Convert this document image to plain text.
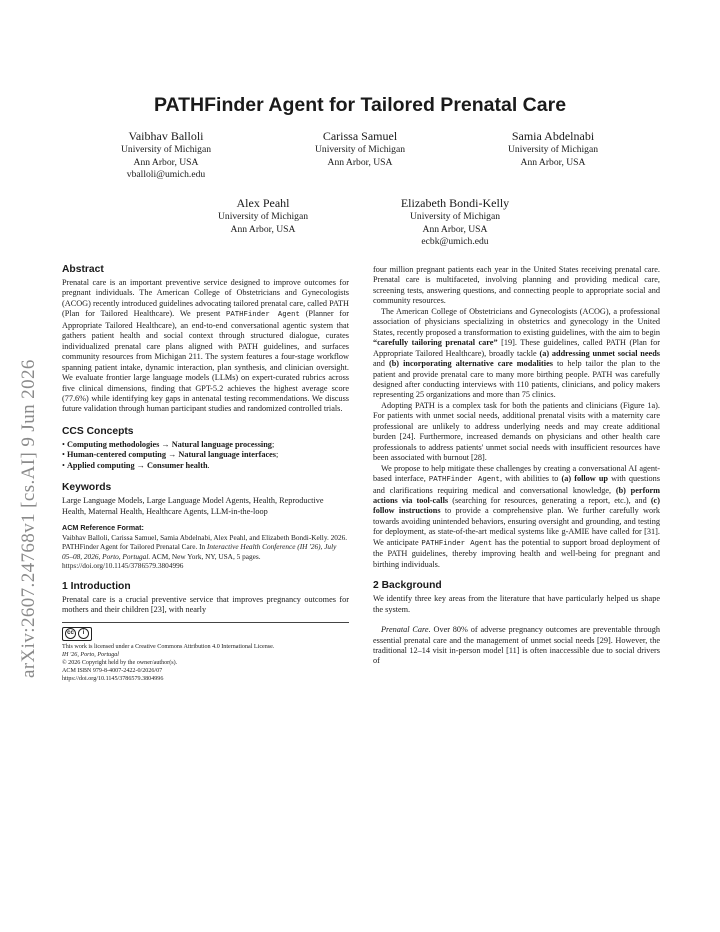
arXiv:2607.24768v1 [cs.AI] 9 Jun 2026
PATHFinder Agent for Tailored Prenatal Care
Vaibhav Balloli
University of Michigan
Ann Arbor, USA
vballoli@umich.edu
Carissa Samuel
University of Michigan
Ann Arbor, USA
Samia Abdelnabi
University of Michigan
Ann Arbor, USA
Alex Peahl
University of Michigan
Ann Arbor, USA
Elizabeth Bondi-Kelly
University of Michigan
Ann Arbor, USA
ecbk@umich.edu
Abstract

Prenatal care is an important preventive service designed to improve outcomes for pregnant individuals. The American College of Obstetricians and Gynecologists (ACOG) recently introduced guidelines advocating tailored prenatal care, called PATH (Plan for Tailored Healthcare). We present PATHFinder Agent (Planner for Appropriate Tailored Healthcare), an end-to-end conversational agentic system that gathers patient health and social context through structured dialogue, curates individualized prenatal care plans aligned with PATH guidelines, and surfaces community resources from Michigan 211. The system features a four-stage workflow spanning patient intake, dynamic interaction, plan synthesis, and clinician oversight. We evaluate frontier large language models (LLMs) on expert-curated rubrics across five clinical dimensions, finding that GPT-5.2 achieves the highest average score (77.6%) while identifying key gaps in antenatal testing recommendations. We discuss future validation through human participant studies and randomized controlled trials.

CCS Concepts
• Computing methodologies → Natural language processing;
• Human-centered computing → Natural language interfaces;
• Applied computing → Consumer health.
Keywords

Large Language Models, Large Language Model Agents, Health, Reproductive Health, Maternal Health, Healthcare Agents, LLM-in-the-loop

ACM Reference Format:
Vaibhav Balloli, Carissa Samuel, Samia Abdelnabi, Alex Peahl, and Elizabeth Bondi-Kelly. 2026. PATHFinder Agent for Tailored Prenatal Care. In Interactive Health Conference (IH '26), July 05–08, 2026, Porto, Portugal. ACM, New York, NY, USA, 5 pages. https://doi.org/10.1145/3786579.3804996
1 Introduction

Prenatal care is a crucial preventive service that improves pregnancy outcomes for mothers and their children [23], with nearly

cc	i
This work is licensed under a Creative Commons Attribution 4.0 International License.
IH '26, Porto, Portugal
© 2026 Copyright held by the owner/author(s).
ACM ISBN 979-8-4007-2422-0/2026/07
https://doi.org/10.1145/3786579.3804996

four million pregnant patients each year in the United States receiving prenatal care. Prenatal care is multifaceted, involving planning and providing medical care, screening tests, answering questions, and connecting people to appropriate social and community resources.

The American College of Obstetricians and Gynecologists (ACOG), a professional association of physicians specializing in obstetrics and gynecology in the United States, recently proposed a transformation to existing guidelines, with the aim to begin “carefully tailoring prenatal care” [19]. These guidelines, called PATH (Plan for Appropriate Tailored Healthcare), broadly tackle (a) addressing unmet social needs and (b) incorporating alternative care modalities to help tailor the plan to the patient and provide prenatal care to many more birthing people. PATH was carefully designed after conducting interviews with 110 patients, clinicians, and policy makers representing 25 organizations and more than 75 clinics.

Adopting PATH is a complex task for both the patients and clinicians (Figure 1a). For patients with unmet social needs, additional prenatal visits with a maternity care professional are unlikely to address underlying needs and may create additional burden [24]. Furthermore, increased demands on physicians and other health care professionals to address patients' unmet social needs with insufficient resources have been associated with burnout [28].

We propose to help mitigate these challenges by creating a conversational AI agent-based interface, PATHFinder Agent, with abilities to (a) follow up with questions and clarifications requiring medical and conversational knowledge, (b) perform actions via tool-calls (searching for resources, generating a report, etc.), and (c) follow instructions to provide a comprehensive plan. We further carefully work towards avoiding unintended behaviors, ensuring oversight and grounding, and testing for deployment, as state-of-the-art medical systems like g-AMIE have called for [31]. We anticipate PATHFinder Agent has the potential to support broad deployment of the PATH guidelines, thereby improving health and well-being for pregnant and birthing individuals.

2 Background

We identify three key areas from the literature that have particularly helped us shape the system.

Prenatal Care. Over 80% of adverse pregnancy outcomes are preventable through essential prenatal care and the management of unmet social needs [29]. However, the traditional 12–14 visit in-person model [11] is often inaccessible due to social drivers of
